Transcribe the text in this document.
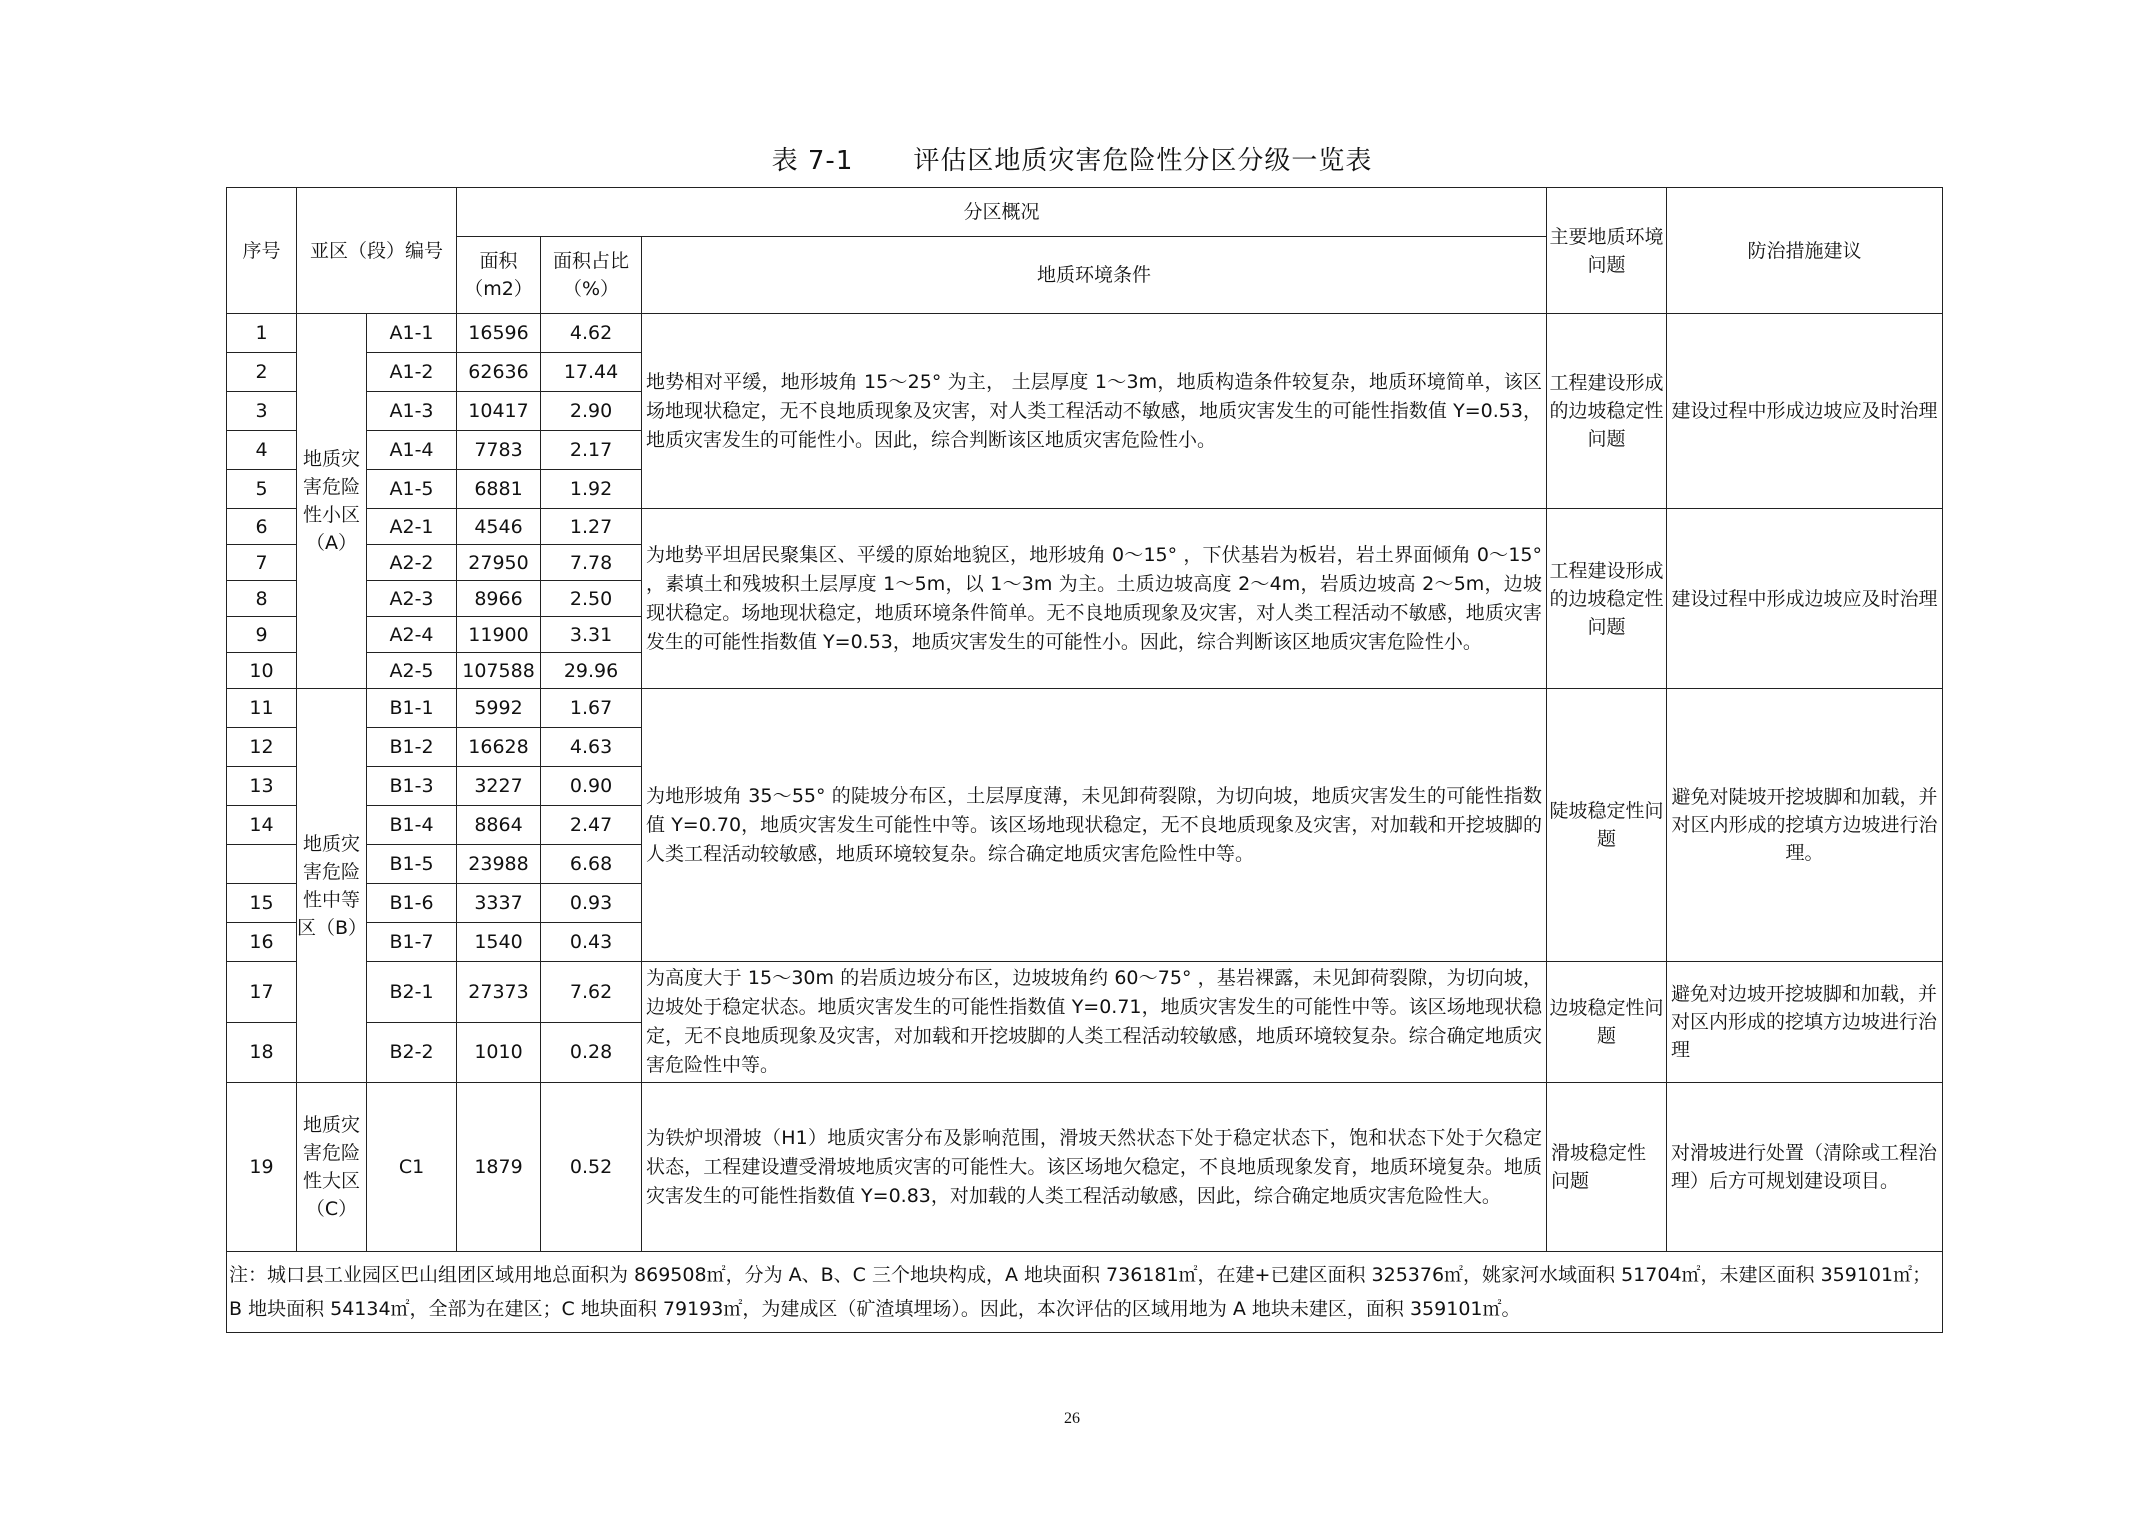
表 7-1 评估区地质灾害危险性分区分级一览表
序号	亚区（段）编号		分区概况			主要地质环境问题	防治措施建议
			面积（m2）	面积占比（%）	地质环境条件		
1	地质灾害危险性小区（A）	A1-1	16596	4.62	地势相对平缓，地形坡角 15～25° 为主， 土层厚度 1～3m，地质构造条件较复杂，地质环境简单，该区场地现状稳定，无不良地质现象及灾害，对人类工程活动不敏感，地质灾害发生的可能性指数值 Y=0.53，地质灾害发生的可能性小。因此，综合判断该区地质灾害危险性小。	工程建设形成的边坡稳定性问题	建设过程中形成边坡应及时治理
2		A1-2	62636	17.44			
3		A1-3	10417	2.90			
4		A1-4	7783	2.17			
5		A1-5	6881	1.92			
6		A2-1	4546	1.27	为地势平坦居民聚集区、平缓的原始地貌区，地形坡角 0～15° ，下伏基岩为板岩，岩土界面倾角 0～15° ，素填土和残坡积土层厚度 1～5m，以 1～3m 为主。土质边坡高度 2～4m，岩质边坡高 2～5m，边坡现状稳定。场地现状稳定，地质环境条件简单。无不良地质现象及灾害，对人类工程活动不敏感，地质灾害发生的可能性指数值 Y=0.53，地质灾害发生的可能性小。因此，综合判断该区地质灾害危险性小。	工程建设形成的边坡稳定性问题	建设过程中形成边坡应及时治理
7		A2-2	27950	7.78			
8		A2-3	8966	2.50			
9		A2-4	11900	3.31			
10		A2-5	107588	29.96			
11	地质灾害危险性中等区（B）	B1-1	5992	1.67	为地形坡角 35～55° 的陡坡分布区，土层厚度薄，未见卸荷裂隙，为切向坡，地质灾害发生的可能性指数值 Y=0.70，地质灾害发生可能性中等。该区场地现状稳定，无不良地质现象及灾害，对加载和开挖坡脚的人类工程活动较敏感，地质环境较复杂。综合确定地质灾害危险性中等。	陡坡稳定性问题	避免对陡坡开挖坡脚和加载，并对区内形成的挖填方边坡进行治理。
12		B1-2	16628	4.63			
13		B1-3	3227	0.90			
14		B1-4	8864	2.47			
		B1-5	23988	6.68			
15		B1-6	3337	0.93			
16		B1-7	1540	0.43			
17		B2-1	27373	7.62	为高度大于 15～30m 的岩质边坡分布区，边坡坡角约 60～75° ，基岩裸露，未见卸荷裂隙，为切向坡，边坡处于稳定状态。地质灾害发生的可能性指数值 Y=0.71，地质灾害发生的可能性中等。该区场地现状稳定，无不良地质现象及灾害，对加载和开挖坡脚的人类工程活动较敏感，地质环境较复杂。综合确定地质灾害危险性中等。	边坡稳定性问题	避免对边坡开挖坡脚和加载，并对区内形成的挖填方边坡进行治理
18		B2-2	1010	0.28			
19	地质灾害危险性大区（C）	C1	1879	0.52	为铁炉坝滑坡（H1）地质灾害分布及影响范围，滑坡天然状态下处于稳定状态下，饱和状态下处于欠稳定状态，工程建设遭受滑坡地质灾害的可能性大。该区场地欠稳定，不良地质现象发育，地质环境复杂。地质灾害发生的可能性指数值 Y=0.83，对加载的人类工程活动敏感，因此，综合确定地质灾害危险性大。	滑坡稳定性问题	对滑坡进行处置（清除或工程治理）后方可规划建设项目。
注：城口县工业园区巴山组团区域用地总面积为 869508㎡，分为 A、B、C 三个地块构成，A 地块面积 736181㎡，在建+已建区面积 325376㎡，姚家河水域面积 51704㎡，未建区面积 359101㎡；B 地块面积 54134㎡，全部为在建区；C 地块面积 79193㎡，为建成区（矿渣填埋场）。因此，本次评估的区域用地为 A 地块未建区，面积 359101㎡。							
26
